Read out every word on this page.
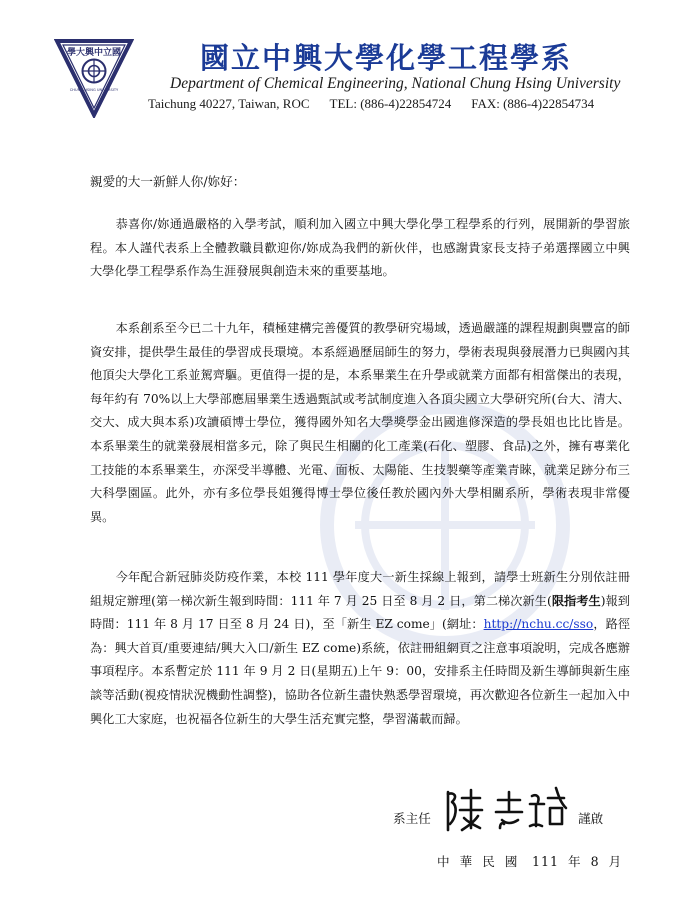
學大興中立國
CHUNG HSING UNIVERSITY
國立中興大學化學工程學系
Department of Chemical Engineering, National Chung Hsing University
Taichung 40227, Taiwan, ROC TEL: (886-4)22854724 FAX: (886-4)22854734

親愛的大一新鮮人你/妳好：

恭喜你/妳通過嚴格的入學考試，順利加入國立中興大學化學工程學系的行列，展開新的學習旅程。本人謹代表系上全體教職員歡迎你/妳成為我們的新伙伴，也感謝貴家長支持子弟選擇國立中興大學化學工程學系作為生涯發展與創造未來的重要基地。

本系創系至今已二十九年，積極建構完善優質的教學研究場域，透過嚴謹的課程規劃與豐富的師資安排，提供學生最佳的學習成長環境。本系經過歷屆師生的努力，學術表現與發展潛力已與國內其他頂尖大學化工系並駕齊驅。更值得一提的是，本系畢業生在升學或就業方面都有相當傑出的表現，每年約有 70%以上大學部應屆畢業生透過甄試或考試制度進入各頂尖國立大學研究所(台大、清大、交大、成大與本系)攻讀碩博士學位，獲得國外知名大學獎學金出國進修深造的學長姐也比比皆是。本系畢業生的就業發展相當多元，除了與民生相關的化工產業(石化、塑膠、食品)之外，擁有專業化工技能的本系畢業生，亦深受半導體、光電、面板、太陽能、生技製藥等產業青睞，就業足跡分布三大科學園區。此外，亦有多位學長姐獲得博士學位後任教於國內外大學相關系所，學術表現非常優異。

今年配合新冠肺炎防疫作業，本校 111 學年度大一新生採線上報到，請學士班新生分別依註冊組規定辦理(第一梯次新生報到時間：111 年 7 月 25 日至 8 月 2 日，第二梯次新生(限指考生)報到時間：111 年 8 月 17 日至 8 月 24 日)，至「新生 EZ come」(網址：http://nchu.cc/sso，路徑為：興大首頁/重要連結/興大入口/新生 EZ come)系統，依註冊組網頁之注意事項說明，完成各應辦事項程序。本系暫定於 111 年 9 月 2 日(星期五)上午 9：00，安排系主任時間及新生導師與新生座談等活動(視疫情狀況機動性調整)，協助各位新生盡快熟悉學習環境，再次歡迎各位新生一起加入中興化工大家庭，也祝福各位新生的大學生活充實完整，學習滿載而歸。

系主任	謹啟

中 華 民 國　111 年 8 月
